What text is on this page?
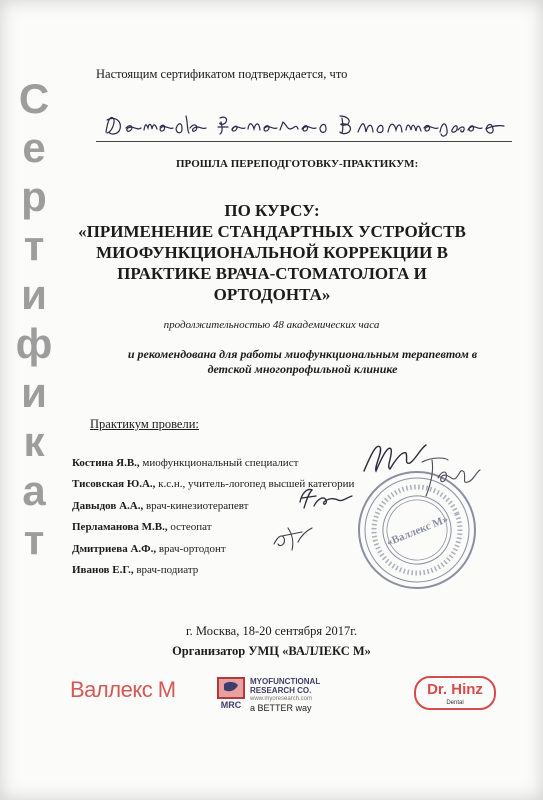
С
е
р
т
и
ф
и
к
а
т
Настоящим сертификатом подтверждается, что
ПРОШЛА ПЕРЕПОДГОТОВКУ-ПРАКТИКУМ:
ПО КУРСУ:
«ПРИМЕНЕНИЕ СТАНДАРТНЫХ УСТРОЙСТВ
МИОФУНКЦИОНАЛЬНОЙ КОРРЕКЦИИ В
ПРАКТИКЕ ВРАЧА-СТОМАТОЛОГА И
ОРТОДОНТА»
продолжительностью 48 академических часа
и рекомендована для работы миофункциональным терапевтом в
детской многопрофильной клинике
Практикум провели:
Костина Я.В., миофункциональный специалист
Тисовская Ю.А., к.с.н., учитель-логопед высшей категории
Давыдов А.А., врач-кинезиотерапевт
Перламанова М.В., остеопат
Дмитриева А.Ф., врач-ортодонт
Иванов Е.Г., врач-подиатр
«Валлекс М»
г. Москва, 18-20 сентября 2017г.
Организатор УМЦ «ВАЛЛЕКС М»
Валлекс М
MRC
MYOFUNCTIONAL
RESEARCH CO.
www.myoresearch.com
a BETTER way
Dr. Hinz
Dental
